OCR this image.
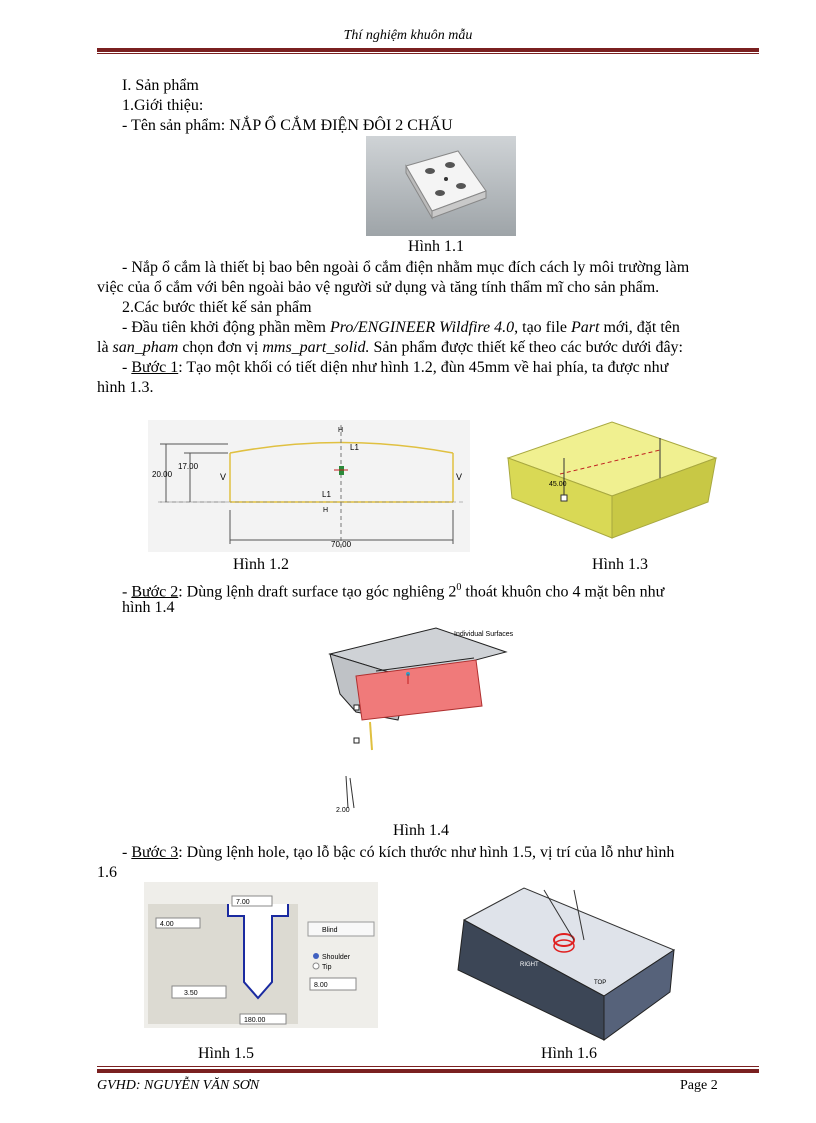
Thí nghiệm khuôn mẫu
I. Sản phẩm
1.Giới thiệu:
- Tên sản phẩm: NẮP Ổ CẮM ĐIỆN ĐÔI 2 CHẤU
Hình 1.1
- Nắp ổ cắm là thiết bị bao bên ngoài ổ cắm điện nhằm mục đích cách ly môi trường làm
việc của ổ cắm với bên ngoài bảo vệ người sử dụng và tăng tính thẩm mĩ cho sản phẩm.
2.Các bước thiết kế sản phẩm
- Đầu tiên khởi động phần mềm Pro/ENGINEER Wildfire 4.0, tạo file Part mới, đặt tên
là san_pham chọn đơn vị mms_part_solid. Sản phẩm được thiết kế theo các bước dưới đây:
- Bước 1: Tạo một khối có tiết diện như hình 1.2, đùn 45mm về hai phía, ta được như
hình 1.3.
20.00
17.00
70.00
V	V
L1
L1
H
H
45.00
Hình 1.2	Hình 1.3
- Bước 2: Dùng lệnh draft surface tạo góc nghiêng $2^0$ thoát khuôn cho 4 mặt bên như
hình 1.4
Individual Surfaces
2.00
Hình 1.4
- Bước 3: Dùng lệnh hole, tạo lỗ bậc có kích thước như hình 1.5, vị trí của lỗ như hình
1.6
7.00
4.00
3.50
180.00
8.00
Blind
Shoulder
Tip	RIGHT
FRONT
TOP
Hình 1.5	Hình 1.6
GVHD: NGUYỄN VĂN SƠN	Page 2
